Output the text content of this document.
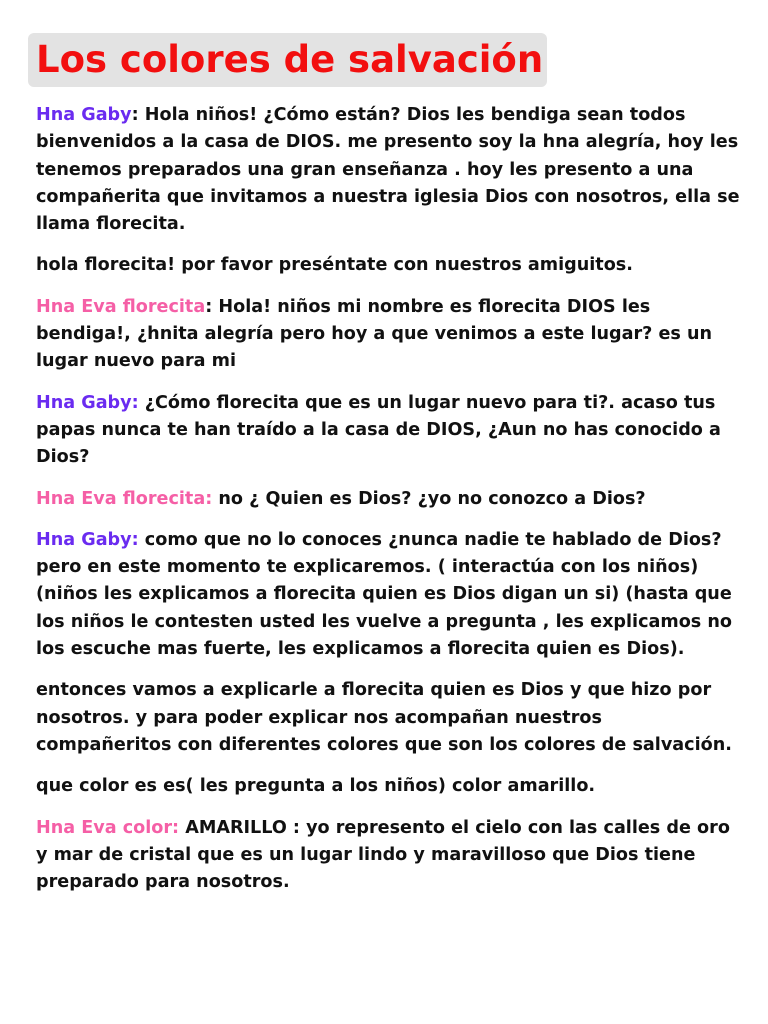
Los colores de salvación

Hna Gaby: Hola niños! ¿Cómo están? Dios les bendiga sean todos bienvenidos a la casa de DIOS. me presento soy la hna alegría, hoy les tenemos preparados una gran enseñanza . hoy les presento a una compañerita que invitamos a nuestra iglesia Dios con nosotros, ella se llama florecita.

hola florecita! por favor preséntate con nuestros amiguitos.

Hna Eva florecita: Hola! niños mi nombre es florecita DIOS les bendiga!, ¿hnita alegría pero hoy a que venimos a este lugar? es un lugar nuevo para mi

Hna Gaby: ¿Cómo florecita que es un lugar nuevo para ti?. acaso tus papas nunca te han traído a la casa de DIOS, ¿Aun no has conocido a Dios?

Hna Eva florecita: no ¿ Quien es Dios? ¿yo no conozco a Dios?

Hna Gaby: como que no lo conoces ¿nunca nadie te hablado de Dios? pero en este momento te explicaremos. ( interactúa con los niños) (niños les explicamos a florecita quien es Dios digan un si) (hasta que los niños le contesten usted les vuelve a pregunta , les explicamos no los escuche mas fuerte, les explicamos a florecita quien es Dios).

entonces vamos a explicarle a florecita quien es Dios y que hizo por nosotros. y para poder explicar nos acompañan nuestros compañeritos con diferentes colores que son los colores de salvación.

que color es es( les pregunta a los niños) color amarillo.

Hna Eva color: AMARILLO : yo represento el cielo con las calles de oro y mar de cristal que es un lugar lindo y maravilloso que Dios tiene preparado para nosotros.
